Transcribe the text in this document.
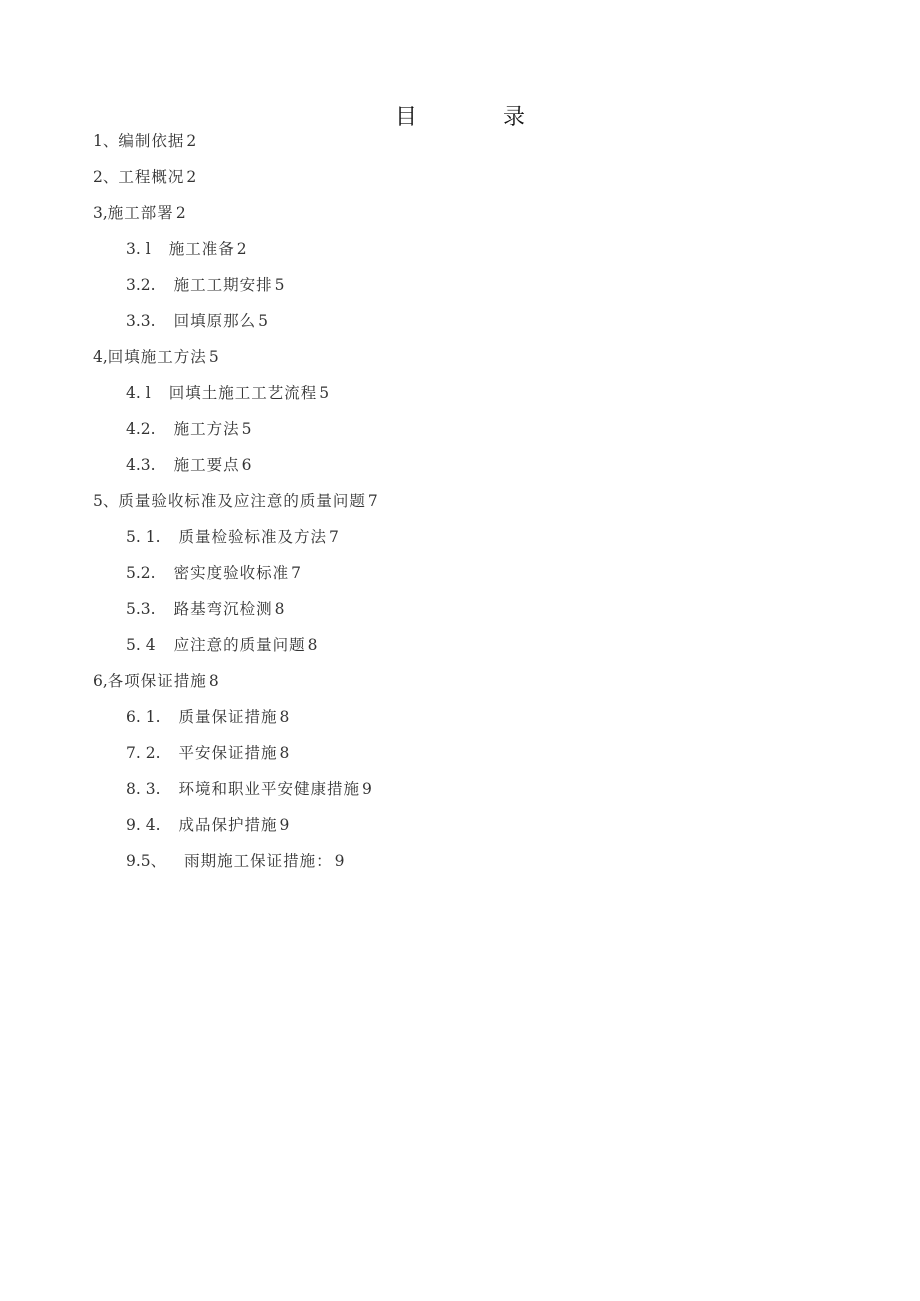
目	录
1、编制依据 2
2、工程概况 2
3,施工部署 2
3. l 施工准备 2
3.2. 施工工期安排 5
3.3. 回填原那么 5
4,回填施工方法 5
4. l 回填土施工工艺流程 5
4.2. 施工方法 5
4.3. 施工要点 6
5、质量验收标准及应注意的质量问题 7
5. 1. 质量检验标准及方法 7
5.2. 密实度验收标准 7
5.3. 路基弯沉检测 8
5. 4 应注意的质量问题 8
6,各项保证措施 8
6. 1. 质量保证措施 8
7. 2. 平安保证措施 8
8. 3. 环境和职业平安健康措施 9
9. 4. 成品保护措施 9
9.5、 雨期施工保证措施： 9
